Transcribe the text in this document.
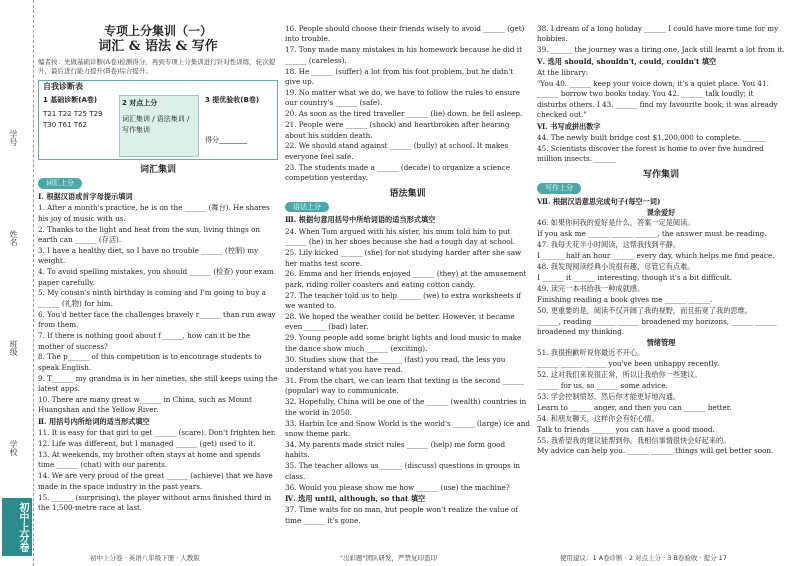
学号
姓名
班级
学校
初中上分卷
专项上分集训（一）
词汇 & 语法 & 写作
编者按：先做基础诊断(A卷)检测得分，再到专项上分集训进行针对性训练，轮次提升，最后进行能力提升(B卷)综合提升。
自我诊断表
1 基础诊断(A卷)
T21 T22 T25 T29 T30 T61 T62
2 对点上分
词汇集训 / 语法集训 / 写作集训
3 提优验收(B卷)
得分________
词汇集训
词汇上分
Ⅰ. 根据汉语或首字母提示填词
1. After a month's practice, he is on the ______ (舞台). He shares his joy of music with us.
2. Thanks to the light and heat from the sun, living things on earth can ______ (存活).
3. I have a healthy diet, so I have no trouble ______ (控制) my weight.
4. To avoid spelling mistakes, you should ______ (检查) your exam paper carefully.
5. My cousin's ninth birthday is coming and I'm going to buy a ______ (礼物) for him.
6. You'd better face the challenges bravely r______ than run away from them.
7. If there is nothing good about f______, how can it be the mother of success?
8. The p______ of this competition is to encourage students to speak English.
9. T______ my grandma is in her nineties, she still keeps using the latest apps.
10. There are many great w______ in China, such as Mount Huangshan and the Yellow River.
Ⅱ. 用括号内所给词的适当形式填空
11. It is easy for that girl to get ______ (scare). Don't frighten her.
12. Life was different, but I managed ______ (get) used to it.
13. At weekends, my brother often stays at home and spends time ______ (chat) with our parents.
14. We are very proud of the great ______ (achieve) that we have made in the space industry in the past years.
15. ______ (surprising), the player without arms finished third in the 1,500-metre race at last.
16. People should choose their friends wisely to avoid ______ (get) into trouble.
17. Tony made many mistakes in his homework because he did it ______ (careless).
18. He ______ (suffer) a lot from his foot problem, but he didn't give up.
19. No matter what we do, we have to follow the rules to ensure our country's ______ (safe).
20. As soon as the tired traveller ______ (lie) down, he fell asleep.
21. People were ______ (shock) and heartbroken after hearing about his sudden death.
22. We should stand against ______ (bully) at school. It makes everyone feel safe.
23. The students made a ______ (decide) to organize a science competition yesterday.
语法集训
语法上分
Ⅲ. 根据句意用括号中所给词语的适当形式填空
24. When Tom argued with his sister, his mum told him to put ______ (he) in her shoes because she had a tough day at school.
25. Lily kicked ______ (she) for not studying harder after she saw her maths test score.
26. Emma and her friends enjoyed ______ (they) at the amusement park, riding roller coasters and eating cotton candy.
27. The teacher told us to help ______ (we) to extra worksheets if we wanted to.
28. We hoped the weather could be better. However, it became even ______ (bad) later.
29. Young people add some bright lights and loud music to make the dance show much ______ (exciting).
30. Studies show that the ______ (fast) you read, the less you understand what you have read.
31. From the chart, we can learn that texting is the second ______ (popular) way to communicate.
32. Hopefully, China will be one of the ______ (wealth) countries in the world in 2050.
33. Harbin Ice and Snow World is the world's ______ (large) ice and snow theme park.
34. My parents made strict rules ______ (help) me form good habits.
35. The teacher allows us ______ (discuss) questions in groups in class.
36. Would you please show me how ______ (use) the machine?
Ⅳ. 选用 until, although, so that 填空
37. Time waits for no man, but people won't realize the value of time ______ it's gone.
38. I dream of a long holiday ______ I could have more time for my hobbies.
39. ______ the journey was a tiring one, Jack still learnt a lot from it.
Ⅴ. 选用 should, shouldn't, could, couldn't 填空
At the library:
"You 40. ______ keep your voice down; it's a quiet place. You 41. ______ borrow two books today. You 42. ______ talk loudly; it disturbs others. I 43. ______ find my favourite book; it was already checked out."
Ⅵ. 书写或拼出数字
44. The newly built bridge cost $1,200,000 to complete. ______
45. Scientists discover the forest is home to over five hundred million insects. ______
写作集训
写作上分
Ⅶ. 根据汉语意思完成句子(每空一词)
课余爱好
46. 如果你问我的爱好是什么，答案一定是阅读。
If you ask me ______ ______ ______, the answer must be reading.
47. 我每天花半小时阅读，这帮我找到平静。
I ______ half an hour ______ every day, which helps me find peace.
48. 我发现阅读经典小说很有趣，尽管它有点难。
I ______ it ______ interesting, though it's a bit difficult.
49. 读完一本书给我一种成就感。
Finishing reading a book gives me ______ ______.
50. 更重要的是，阅读不仅开阔了我的视野，而且拓宽了我的思维。
______, reading ______ ______ broadened my horizons, ______ ______ broadened my thinking.
情绪管理
51. 我很抱歉听说你最近不开心。
______ ______ ______ you've been unhappy recently.
52. 这对我们来说很正常，所以让我给你一些建议。
______ for us, so ______ some advice.
53. 学会控制愤怒，然后你才能更好地沟通。
Learn to ______ anger, and then you can ______ better.
54. 和朋友聊天，这样你会有好心情。
Talk to friends ______ you can have a good mood.
55. 我希望我的建议能帮到你。我相信事情很快会好起来的。
My advice can help you. ______ ______ things will get better soon.
初中上分卷 · 英语八年级下册 · 人教版	"出彩题"团队研发，严禁复印盗印	使用建议：1 A卷诊断 · 2 对点上分 · 3 B卷验收 · 提分 17
